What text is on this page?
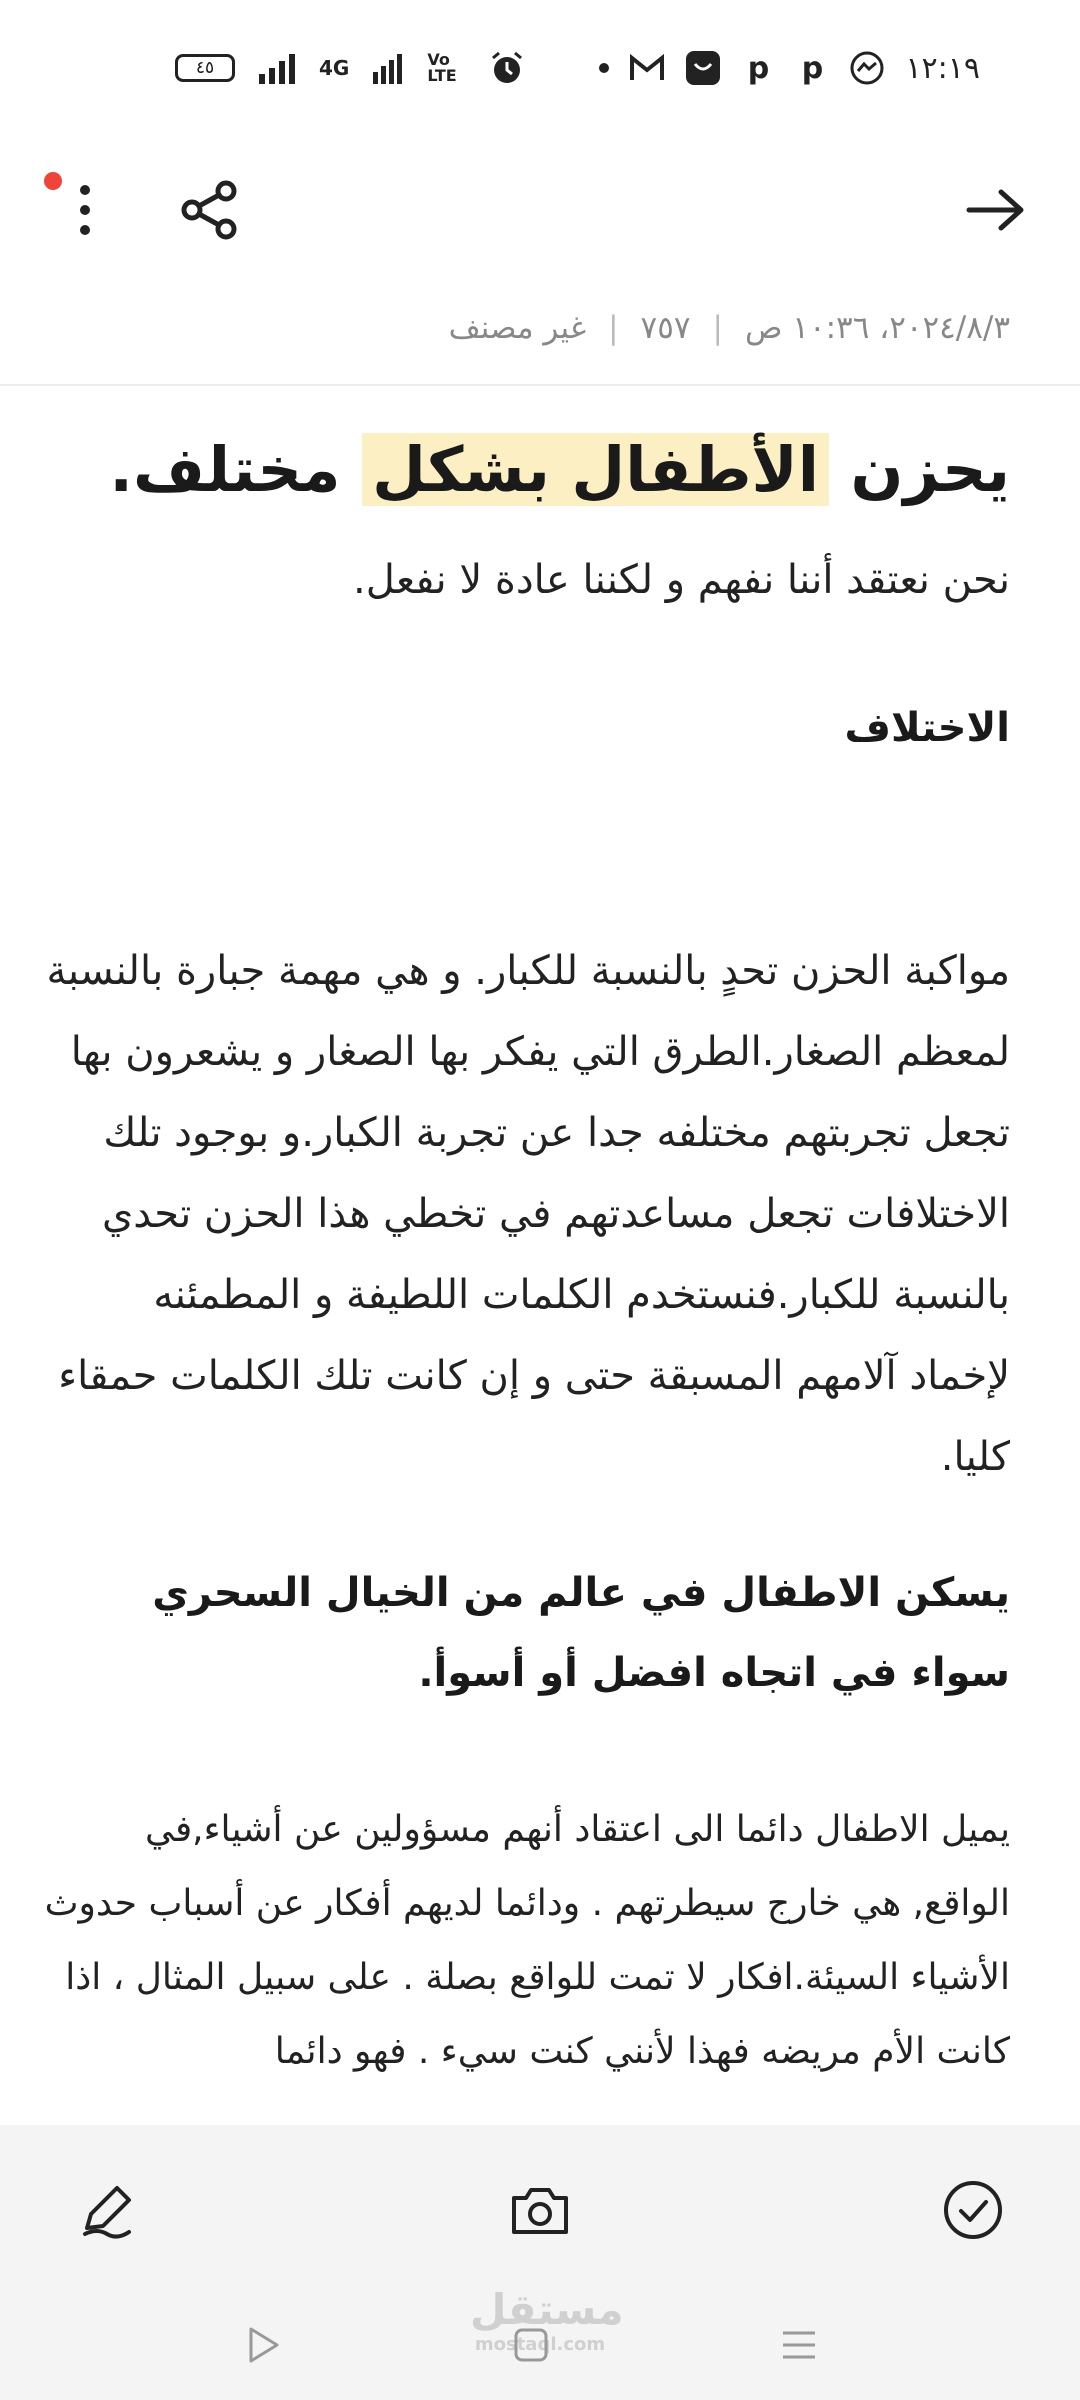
٤٥	4G	Vo LTE	p p	١٢:١٩
٢٠٢٤/٨/٣، ١٠:٣٦ ص
|
٧٥٧
|
غير مصنف
يحزن الأطفال بشكل مختلف.
نحن نعتقد أننا نفهم و لكننا عادة لا نفعل.
الاختلاف
مواكبة الحزن تحدٍ بالنسبة للكبار. و هي مهمة جبارة بالنسبة لمعظم الصغار.الطرق التي يفكر بها الصغار و يشعرون بها تجعل تجربتهم مختلفه جدا عن تجربة الكبار.و بوجود تلك الاختلافات تجعل مساعدتهم في تخطي هذا الحزن تحدي بالنسبة للكبار.فنستخدم الكلمات اللطيفة و المطمئنه لإخماد آلامهم المسبقة حتى و إن كانت تلك الكلمات حمقاء كليا.
يسكن الاطفال في عالم من الخيال السحري سواء في اتجاه افضل أو أسوأ.
يميل الاطفال دائما الى اعتقاد أنهم مسؤولين عن أشياء,في الواقع, هي خارج سيطرتهم . ودائما لديهم أفكار عن أسباب حدوث الأشياء السيئة.افكار لا تمت للواقع بصلة . على سبيل المثال ، اذا كانت الأم مريضه فهذا لأنني كنت سيء . فهو دائما
مستقل
mostaql.com
